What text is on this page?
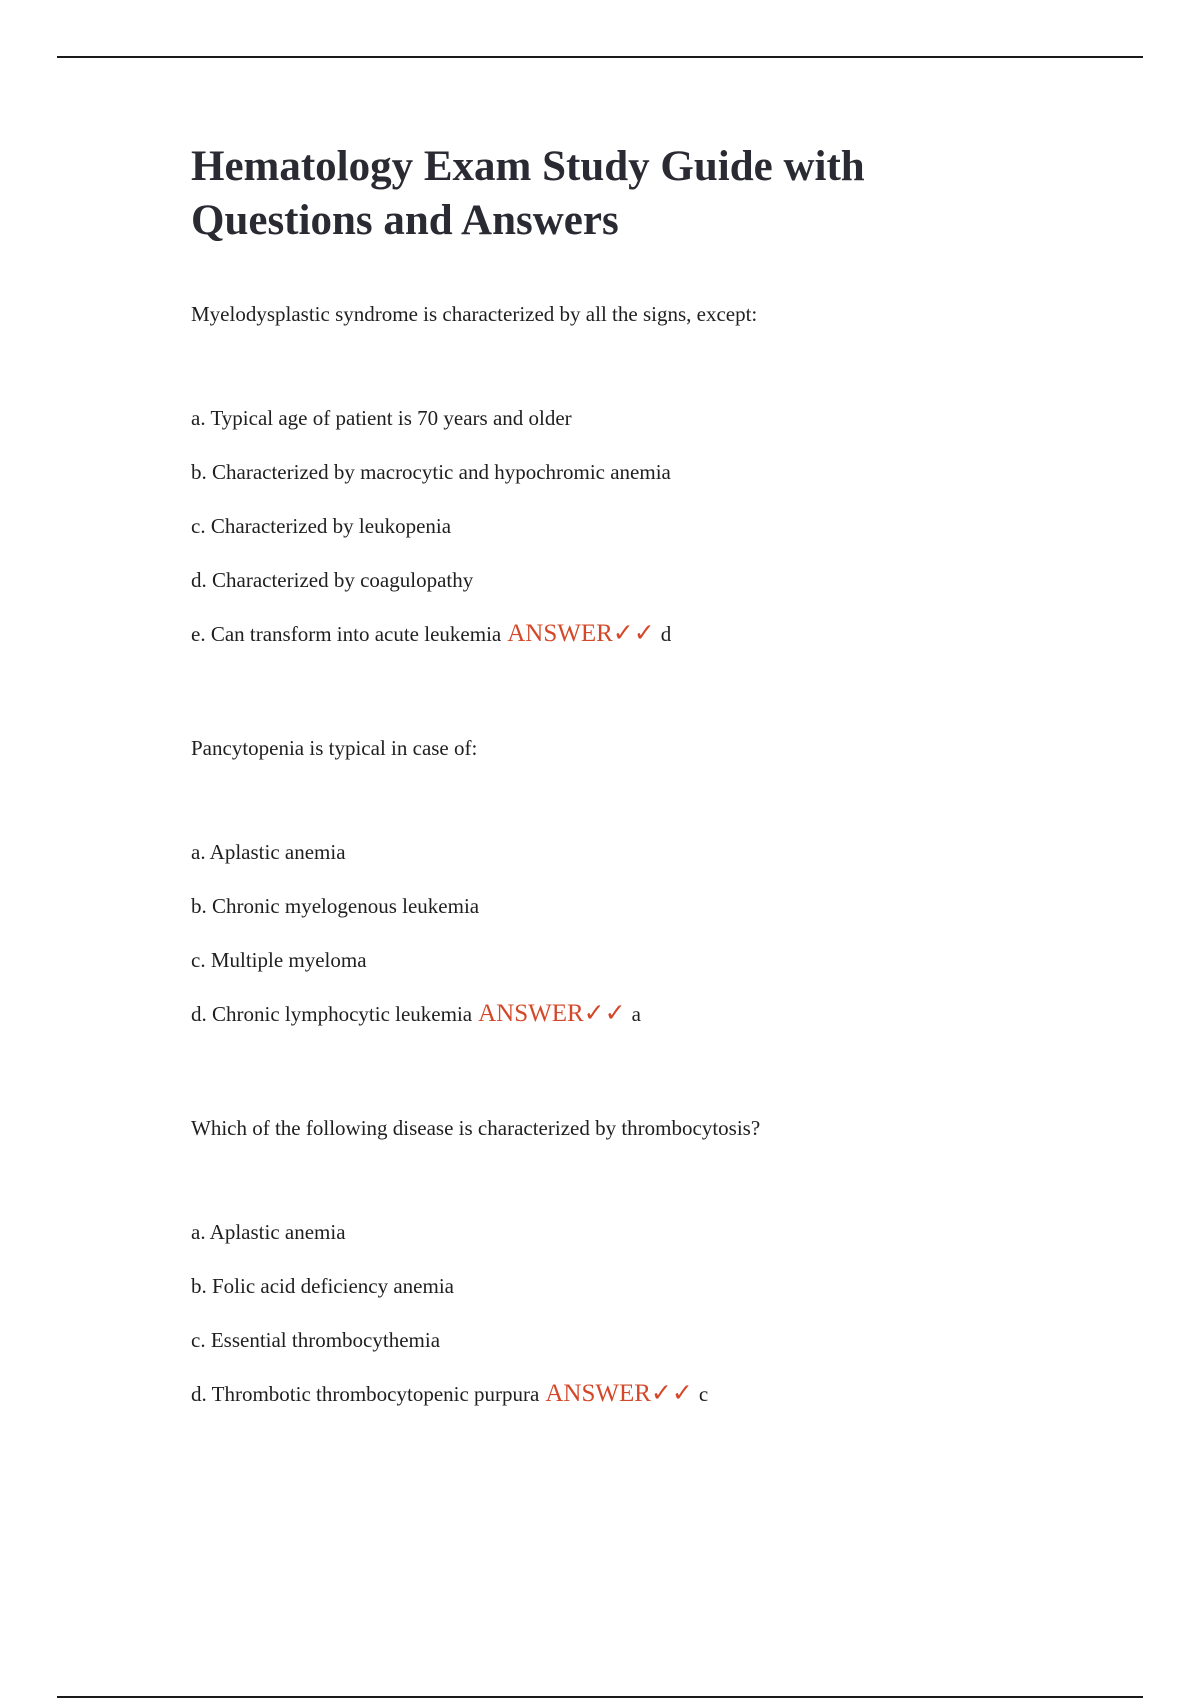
Hematology Exam Study Guide with Questions and Answers
Myelodysplastic syndrome is characterized by all the signs, except:
a. Typical age of patient is 70 years and older
b. Characterized by macrocytic and hypochromic anemia
c. Characterized by leukopenia
d. Characterized by coagulopathy
e. Can transform into acute leukemia ANSWER✓✓ d
Pancytopenia is typical in case of:
a. Aplastic anemia
b. Chronic myelogenous leukemia
c. Multiple myeloma
d. Chronic lymphocytic leukemia ANSWER✓✓ a
Which of the following disease is characterized by thrombocytosis?
a. Aplastic anemia
b. Folic acid deficiency anemia
c. Essential thrombocythemia
d. Thrombotic thrombocytopenic purpura ANSWER✓✓ c
